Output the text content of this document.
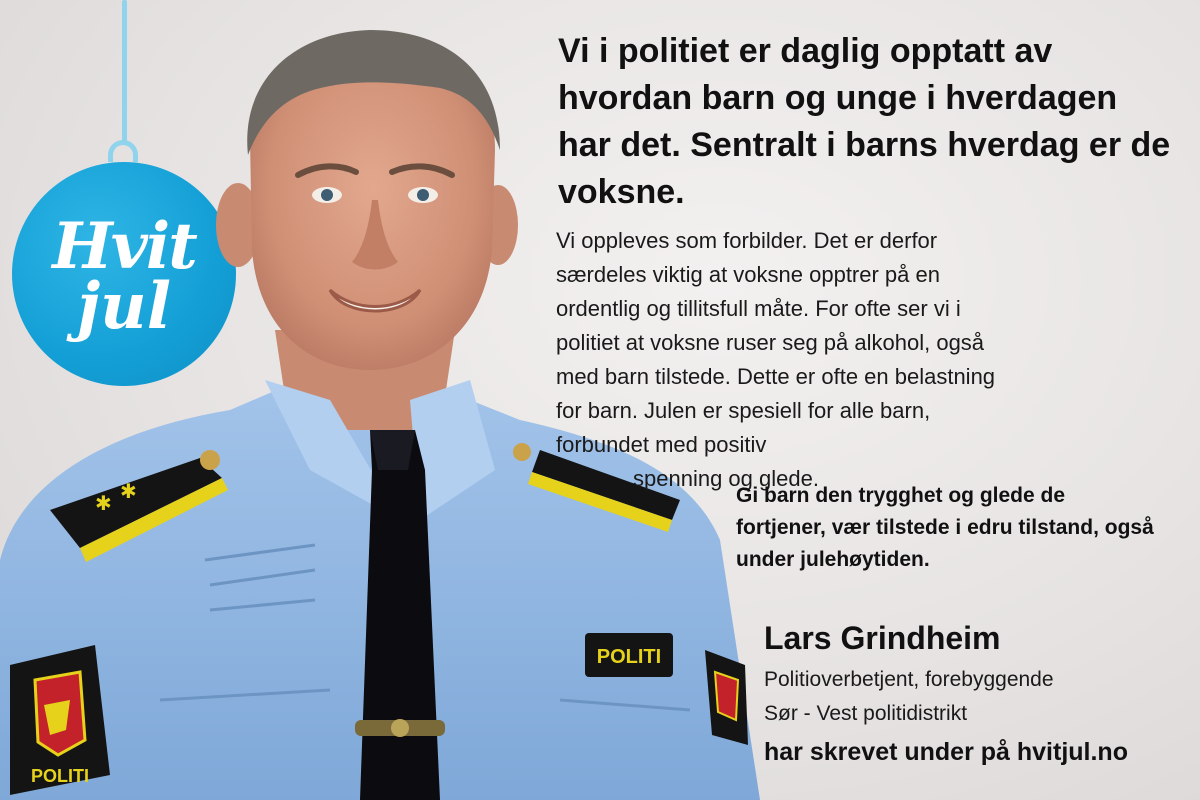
Hvit
jul
✱
✱
POLITI
POLITI

Vi i politiet er daglig opptatt av hvordan barn og unge i hverdagen har det. Sentralt i barns hverdag er de voksne.

Vi oppleves som forbilder. Det er derfor særdeles viktig at voksne opptrer på en ordentlig og tillitsfull måte. For ofte ser vi i politiet at voksne ruser seg på alkohol, også med barn tilstede. Dette er ofte en belastning for barn. Julen er spesiell for alle barn, forbundet med positiv
spenning og glede.

Gi barn den trygghet og glede de fortjener, vær tilstede i edru tilstand, også under julehøytiden.

Lars Grindheim
Politioverbetjent, forebyggende
Sør - Vest politidistrikt
har skrevet under på hvitjul.no
